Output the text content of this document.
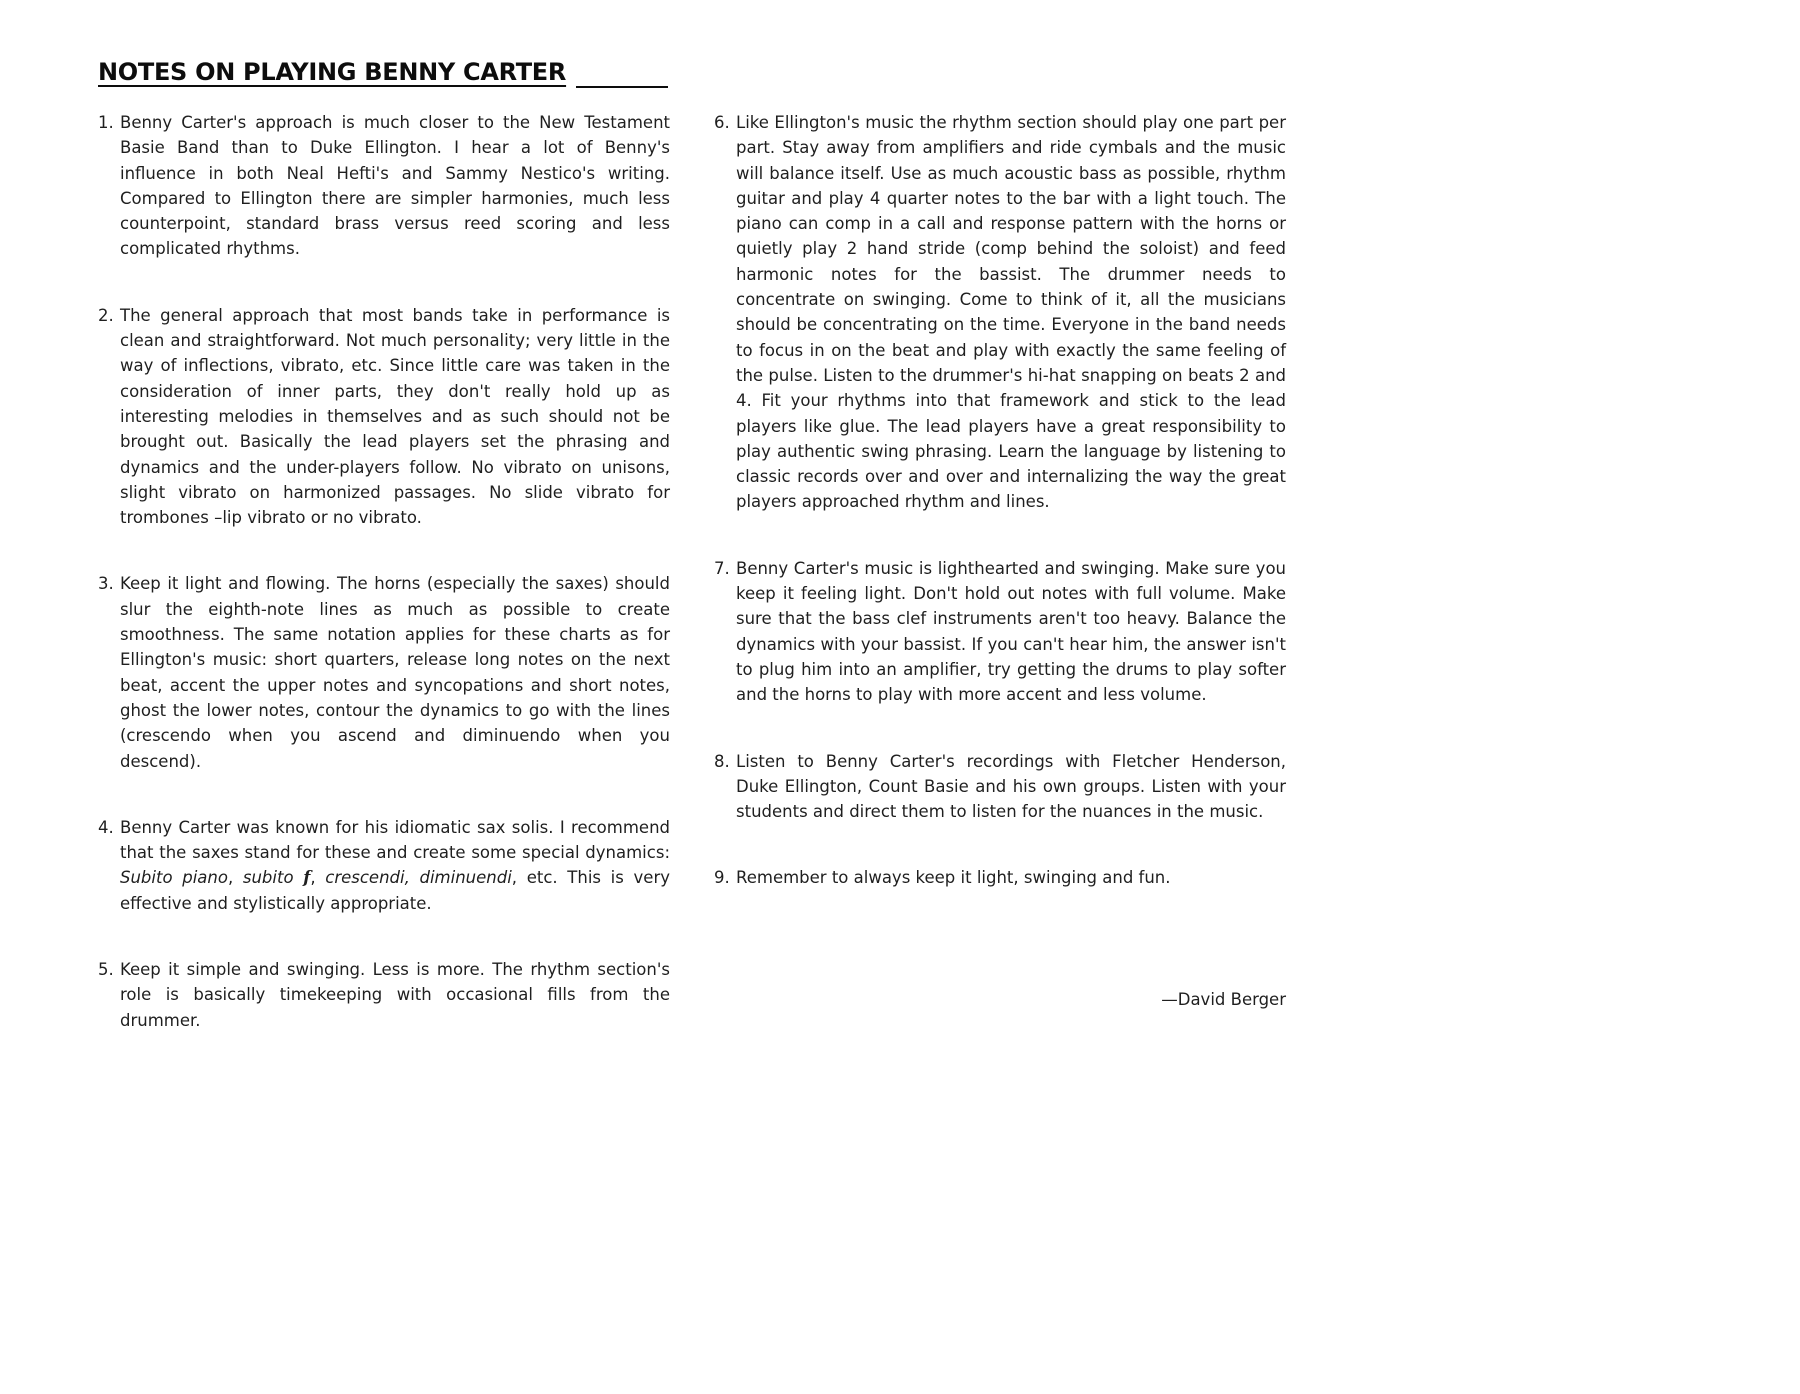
NOTES ON PLAYING BENNY CARTER
1. Benny Carter's approach is much closer to the New Testament Basie Band than to Duke Ellington. I hear a lot of Benny's influence in both Neal Hefti's and Sammy Nestico's writing. Compared to Ellington there are simpler harmonies, much less counterpoint, standard brass versus reed scoring and less complicated rhythms.
2. The general approach that most bands take in performance is clean and straightforward. Not much personality; very little in the way of inflections, vibrato, etc. Since little care was taken in the consideration of inner parts, they don't really hold up as interesting melodies in themselves and as such should not be brought out. Basically the lead players set the phrasing and dynamics and the under-players follow. No vibrato on unisons, slight vibrato on harmonized passages. No slide vibrato for trombones –lip vibrato or no vibrato.
3. Keep it light and flowing. The horns (especially the saxes) should slur the eighth-note lines as much as possible to create smoothness. The same notation applies for these charts as for Ellington's music: short quarters, release long notes on the next beat, accent the upper notes and syncopations and short notes, ghost the lower notes, contour the dynamics to go with the lines (crescendo when you ascend and diminuendo when you descend).
4. Benny Carter was known for his idiomatic sax solis. I recommend that the saxes stand for these and create some special dynamics: Subito piano, subito f, crescendi, diminuendi, etc. This is very effective and stylistically appropriate.
5. Keep it simple and swinging. Less is more. The rhythm section's role is basically timekeeping with occasional fills from the drummer.
6. Like Ellington's music the rhythm section should play one part per part. Stay away from amplifiers and ride cymbals and the music will balance itself. Use as much acoustic bass as possible, rhythm guitar and play 4 quarter notes to the bar with a light touch. The piano can comp in a call and response pattern with the horns or quietly play 2 hand stride (comp behind the soloist) and feed harmonic notes for the bassist. The drummer needs to concentrate on swinging. Come to think of it, all the musicians should be concentrating on the time. Everyone in the band needs to focus in on the beat and play with exactly the same feeling of the pulse. Listen to the drummer's hi-hat snapping on beats 2 and 4. Fit your rhythms into that framework and stick to the lead players like glue. The lead players have a great responsibility to play authentic swing phrasing. Learn the language by listening to classic records over and over and internalizing the way the great players approached rhythm and lines.
7. Benny Carter's music is lighthearted and swinging. Make sure you keep it feeling light. Don't hold out notes with full volume. Make sure that the bass clef instruments aren't too heavy. Balance the dynamics with your bassist. If you can't hear him, the answer isn't to plug him into an amplifier, try getting the drums to play softer and the horns to play with more accent and less volume.
8. Listen to Benny Carter's recordings with Fletcher Henderson, Duke Ellington, Count Basie and his own groups. Listen with your students and direct them to listen for the nuances in the music.
9. Remember to always keep it light, swinging and fun.
—David Berger
